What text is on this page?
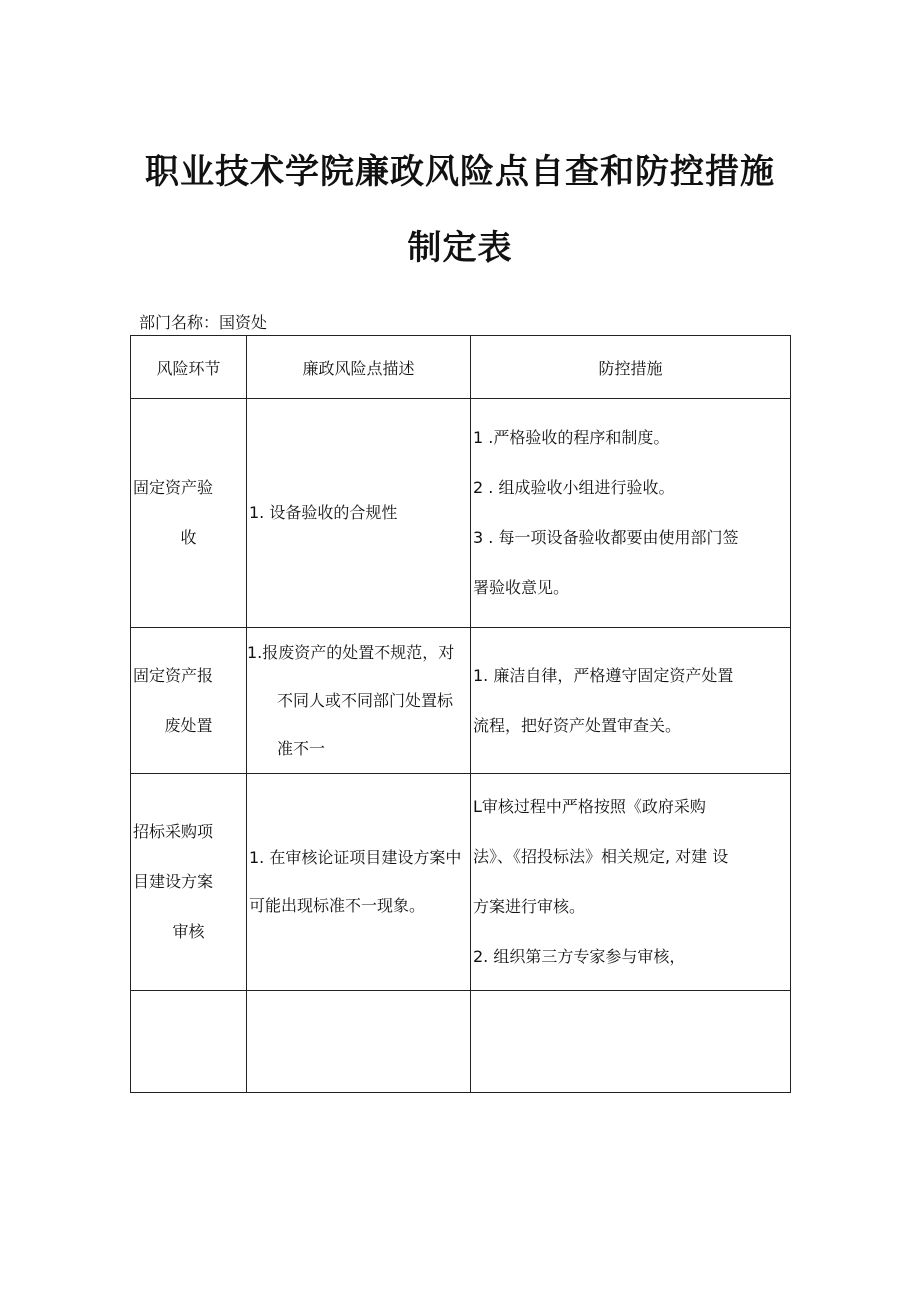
职业技术学院廉政风险点自查和防控措施
制定表
部门名称：国资处
风险环节	廉政风险点描述	防控措施

固定资产验
收	1. 设备验收的合规性	1 .严格验收的程序和制度。
2 . 组成验收小组进行验收。
3 . 每一项设备验收都要由使用部门签
署验收意见。

固定资产报
废处置	1.报废资产的处置不规范，对不同人或不同部门处置标准不一	1. 廉洁自律，严格遵守固定资产处置
流程，把好资产处置审查关。

招标采购项
目建设方案
审核	1. 在审核论证项目建设方案中可能出现标准不一现象。	L审核过程中严格按照《政府采购
法》、《招投标法》相关规定, 对建 设
方案进行审核。
2. 组织第三方专家参与审核，
